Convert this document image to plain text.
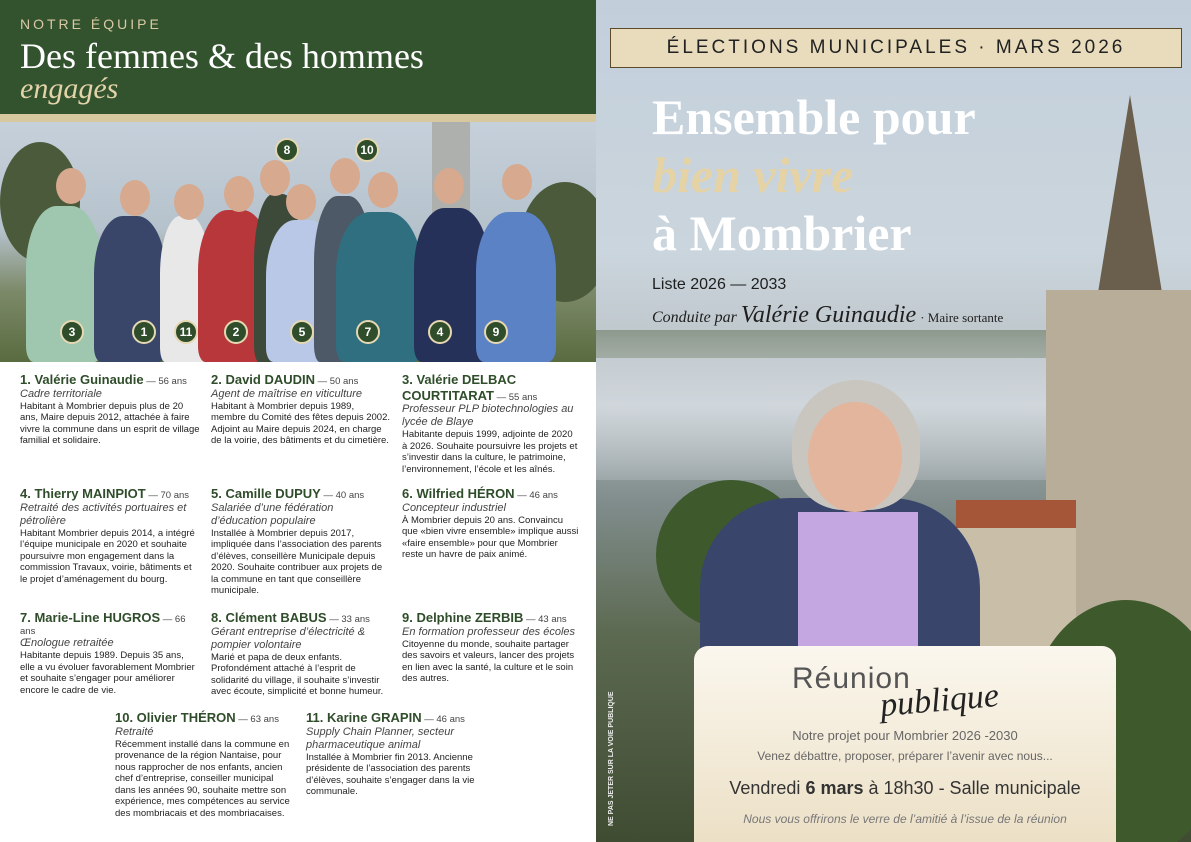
NOTRE ÉQUIPE
Des femmes & des hommes
engagés
3	1	11	2	5	7	4	9
8	10
1. Valérie Guinaudie — 56 ans
Cadre territoriale
Habitant à Mombrier depuis plus de 20 ans, Maire depuis 2012, attachée à faire vivre la commune dans un esprit de village familial et solidaire.
2. David DAUDIN — 50 ans
Agent de maîtrise en viticulture
Habitant à Mombrier depuis 1989, membre du Comité des fêtes depuis 2002. Adjoint au Maire depuis 2024, en charge de la voirie, des bâtiments et du cimetière.
3. Valérie DELBAC COURTITARAT — 55 ans
Professeur PLP biotechnologies au lycée de Blaye
Habitante depuis 1999, adjointe de 2020 à 2026. Souhaite poursuivre les projets et s’investir dans la culture, le patrimoine, l’environnement, l’école et les aînés.
4. Thierry MAINPIOT — 70 ans
Retraité des activités portuaires et pétrolière
Habitant Mombrier depuis 2014, a intégré l’équipe municipale en 2020 et souhaite poursuivre mon engagement dans la commission Travaux, voirie, bâtiments et le projet d’aménagement du bourg.
5. Camille DUPUY — 40 ans
Salariée d’une fédération d’éducation populaire
Installée à Mombrier depuis 2017, impliquée dans l’association des parents d’élèves, conseillère Municipale depuis 2020. Souhaite contribuer aux projets de la commune en tant que conseillère municipale.
6. Wilfried HÉRON — 46 ans
Concepteur industriel
À Mombrier depuis 20 ans. Convaincu que «bien vivre ensemble» implique aussi «faire ensemble» pour que Mombrier reste un havre de paix animé.
7. Marie-Line HUGROS — 66 ans
Œnologue retraitée
Habitante depuis 1989. Depuis 35 ans, elle a vu évoluer favorablement Mombrier et souhaite s’engager pour améliorer encore le cadre de vie.
8. Clément BABUS — 33 ans
Gérant entreprise d’électricité & pompier volontaire
Marié et papa de deux enfants. Profondément attaché à l’esprit de solidarité du village, il souhaite s’investir avec écoute, simplicité et bonne humeur.
9. Delphine ZERBIB — 43 ans
En formation professeur des écoles
Citoyenne du monde, souhaite partager des savoirs et valeurs, lancer des projets en lien avec la santé, la culture et le soin des autres.
10. Olivier THÉRON — 63 ans
Retraité
Récemment installé dans la commune en provenance de la région Nantaise, pour nous rapprocher de nos enfants, ancien chef d’entreprise, conseiller municipal dans les années 90, souhaite mettre son expérience, mes compétences au service des mombriacais et des mombriacaises.
11. Karine GRAPIN — 46 ans
Supply Chain Planner, secteur pharmaceutique animal
Installée à Mombrier fin 2013. Ancienne présidente de l’association des parents d’élèves, souhaite s’engager dans la vie communale.
ÉLECTIONS MUNICIPALES · MARS 2026
Ensemble pour
bien vivre
à Mombrier
Liste 2026 — 2033
Conduite par Valérie Guinaudie · Maire sortante
Réunion
publique
Notre projet pour Mombrier 2026 -2030
Venez débattre, proposer, préparer l’avenir avec nous...
Vendredi 6 mars à 18h30 - Salle municipale
Nous vous offrirons le verre de l’amitié à l’issue de la réunion
NE PAS JETER SUR LA VOIE PUBLIQUE
